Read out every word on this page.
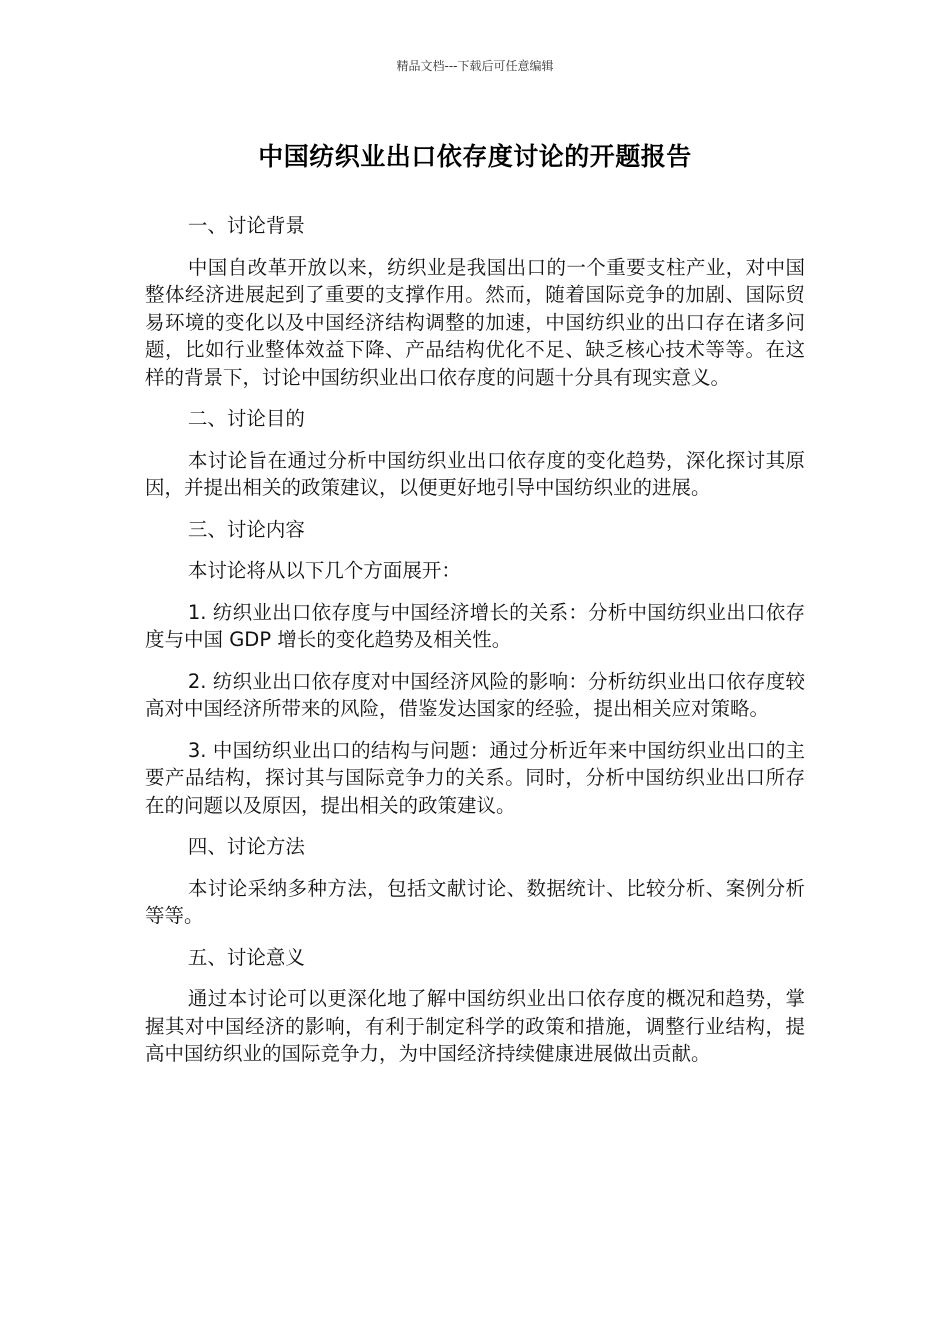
精品文档---下载后可任意编辑
中国纺织业出口依存度讨论的开题报告

一、讨论背景

中国自改革开放以来，纺织业是我国出口的一个重要支柱产业，对中国整体经济进展起到了重要的支撑作用。然而，随着国际竞争的加剧、国际贸易环境的变化以及中国经济结构调整的加速，中国纺织业的出口存在诸多问题，比如行业整体效益下降、产品结构优化不足、缺乏核心技术等等。在这样的背景下，讨论中国纺织业出口依存度的问题十分具有现实意义。

二、讨论目的

本讨论旨在通过分析中国纺织业出口依存度的变化趋势，深化探讨其原因，并提出相关的政策建议，以便更好地引导中国纺织业的进展。

三、讨论内容

本讨论将从以下几个方面展开：

1. 纺织业出口依存度与中国经济增长的关系：分析中国纺织业出口依存度与中国 GDP 增长的变化趋势及相关性。

2. 纺织业出口依存度对中国经济风险的影响：分析纺织业出口依存度较高对中国经济所带来的风险，借鉴发达国家的经验，提出相关应对策略。

3. 中国纺织业出口的结构与问题：通过分析近年来中国纺织业出口的主要产品结构，探讨其与国际竞争力的关系。同时，分析中国纺织业出口所存在的问题以及原因，提出相关的政策建议。

四、讨论方法

本讨论采纳多种方法，包括文献讨论、数据统计、比较分析、案例分析等等。

五、讨论意义

通过本讨论可以更深化地了解中国纺织业出口依存度的概况和趋势，掌握其对中国经济的影响，有利于制定科学的政策和措施，调整行业结构，提高中国纺织业的国际竞争力，为中国经济持续健康进展做出贡献。
